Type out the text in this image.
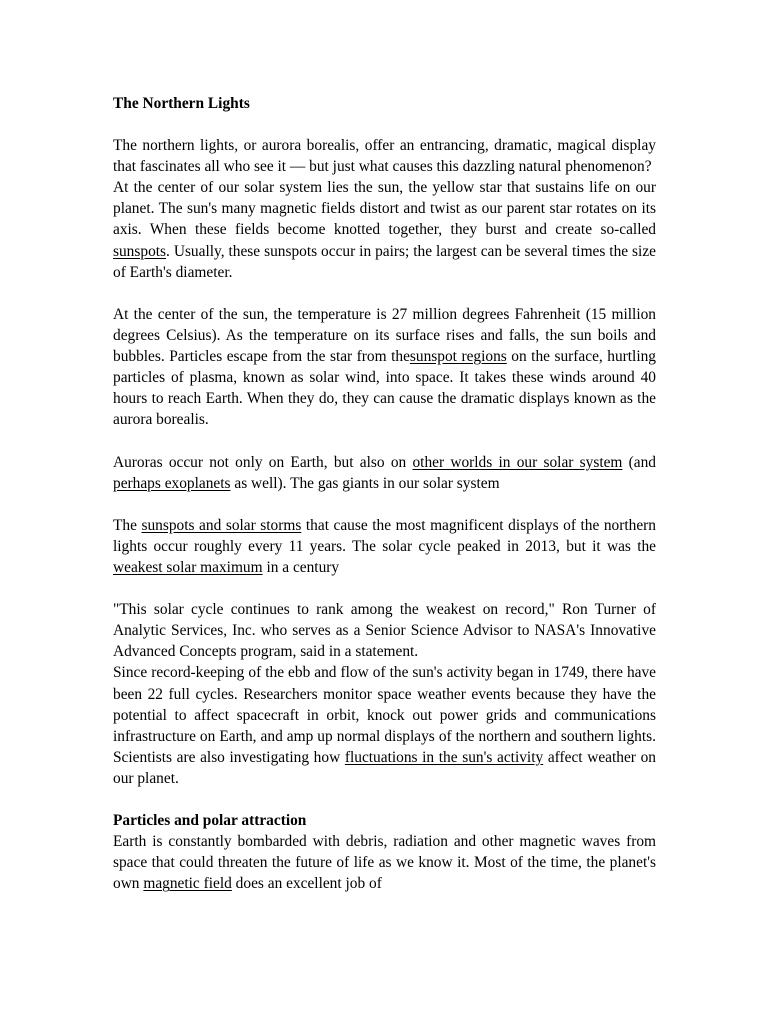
The Northern Lights

The northern lights, or aurora borealis, offer an entrancing, dramatic, magical display that fascinates all who see it — but just what causes this dazzling natural phenomenon?

At the center of our solar system lies the sun, the yellow star that sustains life on our planet. The sun's many magnetic fields distort and twist as our parent star rotates on its axis. When these fields become knotted together, they burst and create so-called sunspots. Usually, these sunspots occur in pairs; the largest can be several times the size of Earth's diameter.

At the center of the sun, the temperature is 27 million degrees Fahrenheit (15 million degrees Celsius). As the temperature on its surface rises and falls, the sun boils and bubbles. Particles escape from the star from thesunspot regions on the surface, hurtling particles of plasma, known as solar wind, into space. It takes these winds around 40 hours to reach Earth. When they do, they can cause the dramatic displays known as the aurora borealis.

Auroras occur not only on Earth, but also on other worlds in our solar system (and perhaps exoplanets as well). The gas giants in our solar system

The sunspots and solar storms that cause the most magnificent displays of the northern lights occur roughly every 11 years. The solar cycle peaked in 2013, but it was the weakest solar maximum in a century

"This solar cycle continues to rank among the weakest on record," Ron Turner of Analytic Services, Inc. who serves as a Senior Science Advisor to NASA's Innovative Advanced Concepts program, said in a statement.

Since record-keeping of the ebb and flow of the sun's activity began in 1749, there have been 22 full cycles. Researchers monitor space weather events because they have the potential to affect spacecraft in orbit, knock out power grids and communications infrastructure on Earth, and amp up normal displays of the northern and southern lights. Scientists are also investigating how fluctuations in the sun's activity affect weather on our planet.

Particles and polar attraction

Earth is constantly bombarded with debris, radiation and other magnetic waves from space that could threaten the future of life as we know it. Most of the time, the planet's own magnetic field does an excellent job of
